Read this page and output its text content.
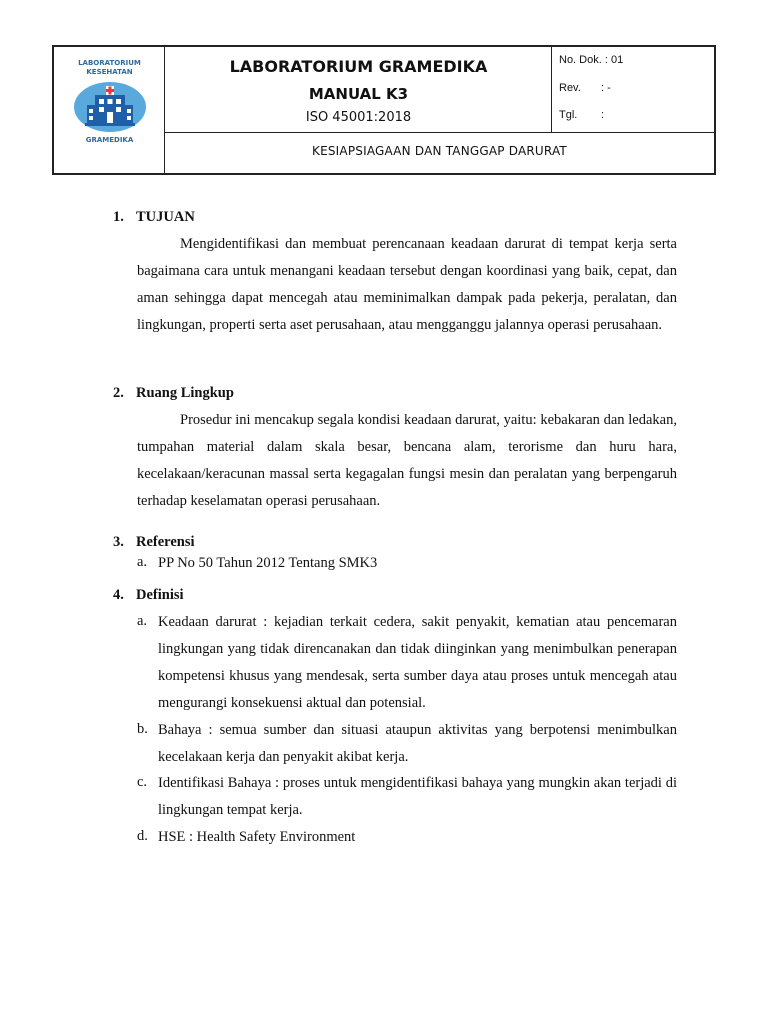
LABORATORIUM
KESEHATAN
GRAMEDIKA
LABORATORIUM GRAMEDIKA
MANUAL K3
ISO 45001:2018
No. Dok. : 01
Rev. : -
Tgl. :
KESIAPSIAGAAN DAN TANGGAP DARURAT
1. TUJUAN

Mengidentifikasi dan membuat perencanaan keadaan darurat di tempat kerja serta bagaimana cara untuk menangani keadaan tersebut dengan koordinasi yang baik, cepat, dan aman sehingga dapat mencegah atau meminimalkan dampak pada pekerja, peralatan, dan lingkungan, properti serta aset perusahaan, atau mengganggu jalannya operasi perusahaan.

2. Ruang Lingkup

Prosedur ini mencakup segala kondisi keadaan darurat, yaitu: kebakaran dan ledakan, tumpahan material dalam skala besar, bencana alam, terorisme dan huru hara, kecelakaan/keracunan massal serta kegagalan fungsi mesin dan peralatan yang berpengaruh terhadap keselamatan operasi perusahaan.

3. Referensi
a. PP No 50 Tahun 2012 Tentang SMK3
4. Definisi
a. Keadaan darurat : kejadian terkait cedera, sakit penyakit, kematian atau pencemaran lingkungan yang tidak direncanakan dan tidak diinginkan yang menimbulkan penerapan kompetensi khusus yang mendesak, serta sumber daya atau proses untuk mencegah atau mengurangi konsekuensi aktual dan potensial.
b. Bahaya : semua sumber dan situasi ataupun aktivitas yang berpotensi menimbulkan kecelakaan kerja dan penyakit akibat kerja.
c. Identifikasi Bahaya : proses untuk mengidentifikasi bahaya yang mungkin akan terjadi di lingkungan tempat kerja.
d. HSE : Health Safety Environment
